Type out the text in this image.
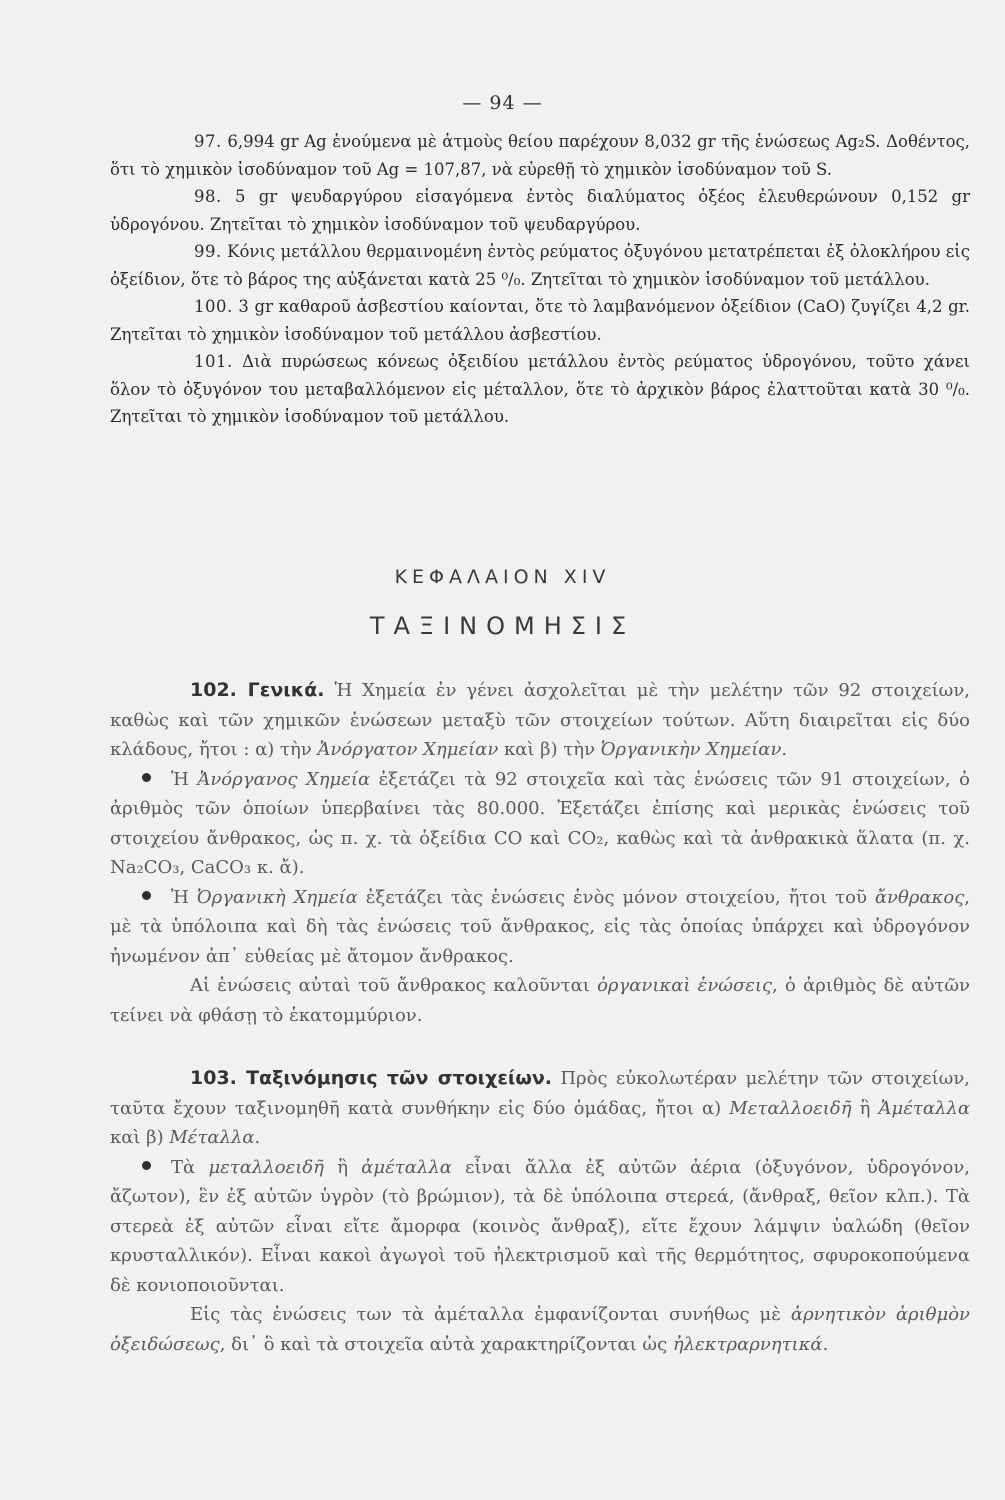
— 94 —

97. 6,994 gr Ag ἑνούμενα μὲ ἀτμοὺς θείου παρέχουν 8,032 gr τῆς ἑνώσεως Ag₂S. Δοθέντος, ὅτι τὸ χημικὸν ἰσοδύναμον τοῦ Ag = 107,87, νὰ εὑρεθῇ τὸ χημικὸν ἰσοδύναμον τοῦ S.

98. 5 gr ψευδαργύρου εἰσαγόμενα ἐντὸς διαλύματος ὀξέος ἐλευθερώνουν 0,152 gr ὑδρογόνου. Ζητεῖται τὸ χημικὸν ἰσοδύναμον τοῦ ψευδαργύρου.

99. Κόνις μετάλλου θερμαινομένη ἐντὸς ρεύματος ὀξυγόνου μετατρέπεται ἐξ ὁλοκλήρου εἰς ὀξείδιον, ὅτε τὸ βάρος της αὐξάνεται κατὰ 25 ⁰/₀. Ζητεῖται τὸ χημικὸν ἰσοδύναμον τοῦ μετάλλου.

100. 3 gr καθαροῦ ἀσβεστίου καίονται, ὅτε τὸ λαμβανόμενον ὀξείδιον (CaO) ζυγίζει 4,2 gr. Ζητεῖται τὸ χημικὸν ἰσοδύναμον τοῦ μετάλλου ἀσβεστίου.

101. Διὰ πυρώσεως κόνεως ὀξειδίου μετάλλου ἐντὸς ρεύματος ὑδρογόνου, τοῦτο χάνει ὅλον τὸ ὀξυγόνον του μεταβαλλόμενον εἰς μέταλλον, ὅτε τὸ ἀρχικὸν βάρος ἐλαττοῦται κατὰ 30 ⁰/₀. Ζητεῖται τὸ χημικὸν ἰσοδύναμον τοῦ μετάλλου.

ΚΕΦΑΛΑΙΟΝ XIV
ΤΑΞΙΝΟΜΗΣΙΣ

102. Γενικά. Ἡ Χημεία ἐν γένει ἀσχολεῖται μὲ τὴν μελέτην τῶν 92 στοιχείων, καθὼς καὶ τῶν χημικῶν ἑνώσεων μεταξὺ τῶν στοιχείων τούτων. Αὕτη διαιρεῖται εἰς δύο κλάδους, ἤτοι : α) τὴν Ἀνόργατον Χημείαν καὶ β) τὴν Ὀργανικὴν Χημείαν.

Ἡ Ἀνόργανος Χημεία ἐξετάζει τὰ 92 στοιχεῖα καὶ τὰς ἑνώσεις τῶν 91 στοιχείων, ὁ ἀριθμὸς τῶν ὁποίων ὑπερβαίνει τὰς 80.000. Ἐξετάζει ἐπίσης καὶ μερικὰς ἑνώσεις τοῦ στοιχείου ἄνθρακος, ὡς π. χ. τὰ ὀξείδια CO καὶ CO₂, καθὼς καὶ τὰ ἀνθρακικὰ ἅλατα (π. χ. Na₂CO₃, CaCO₃ κ. ἄ).

Ἡ Ὀργανικὴ Χημεία ἐξετάζει τὰς ἑνώσεις ἑνὸς μόνον στοιχείου, ἤτοι τοῦ ἄνθρακος, μὲ τὰ ὑπόλοιπα καὶ δὴ τὰς ἑνώσεις τοῦ ἄνθρακος, εἰς τὰς ὁποίας ὑπάρχει καὶ ὑδρογόνον ἠνωμένον ἀπ᾿ εὐθείας μὲ ἄτομον ἄνθρακος.

Αἱ ἑνώσεις αὐταὶ τοῦ ἄνθρακος καλοῦνται ὀργανικαὶ ἑνώσεις, ὁ ἀριθμὸς δὲ αὐτῶν τείνει νὰ φθάσῃ τὸ ἑκατομμύριον.

103. Ταξινόμησις τῶν στοιχείων. Πρὸς εὐκολωτέραν μελέτην τῶν στοιχείων, ταῦτα ἔχουν ταξινομηθῆ κατὰ συνθήκην εἰς δύο ὁμάδας, ἤτοι α) Μεταλλοειδῆ ἢ Ἀμέταλλα καὶ β) Μέταλλα.

Τὰ μεταλλοειδῆ ἢ ἀμέταλλα εἶναι ἄλλα ἐξ αὐτῶν ἀέρια (ὀξυγόνον, ὑδρογόνον, ἄζωτον), ἓν ἐξ αὐτῶν ὑγρὸν (τὸ βρώμιον), τὰ δὲ ὑπόλοιπα στερεά, (ἄνθραξ, θεῖον κλπ.). Τὰ στερεὰ ἐξ αὐτῶν εἶναι εἴτε ἄμορφα (κοινὸς ἄνθραξ), εἴτε ἔχουν λάμψιν ὑαλώδη (θεῖον κρυσταλλικόν). Εἶναι κακοὶ ἀγωγοὶ τοῦ ἠλεκτρισμοῦ καὶ τῆς θερμότητος, σφυροκοπούμενα δὲ κονιοποιοῦνται.

Εἰς τὰς ἑνώσεις των τὰ ἀμέταλλα ἐμφανίζονται συνήθως μὲ ἀρνητικὸν ἀριθμὸν ὀξειδώσεως, δι᾿ ὃ καὶ τὰ στοιχεῖα αὐτὰ χαρακτηρίζονται ὡς ἠλεκτραρνητικά.
